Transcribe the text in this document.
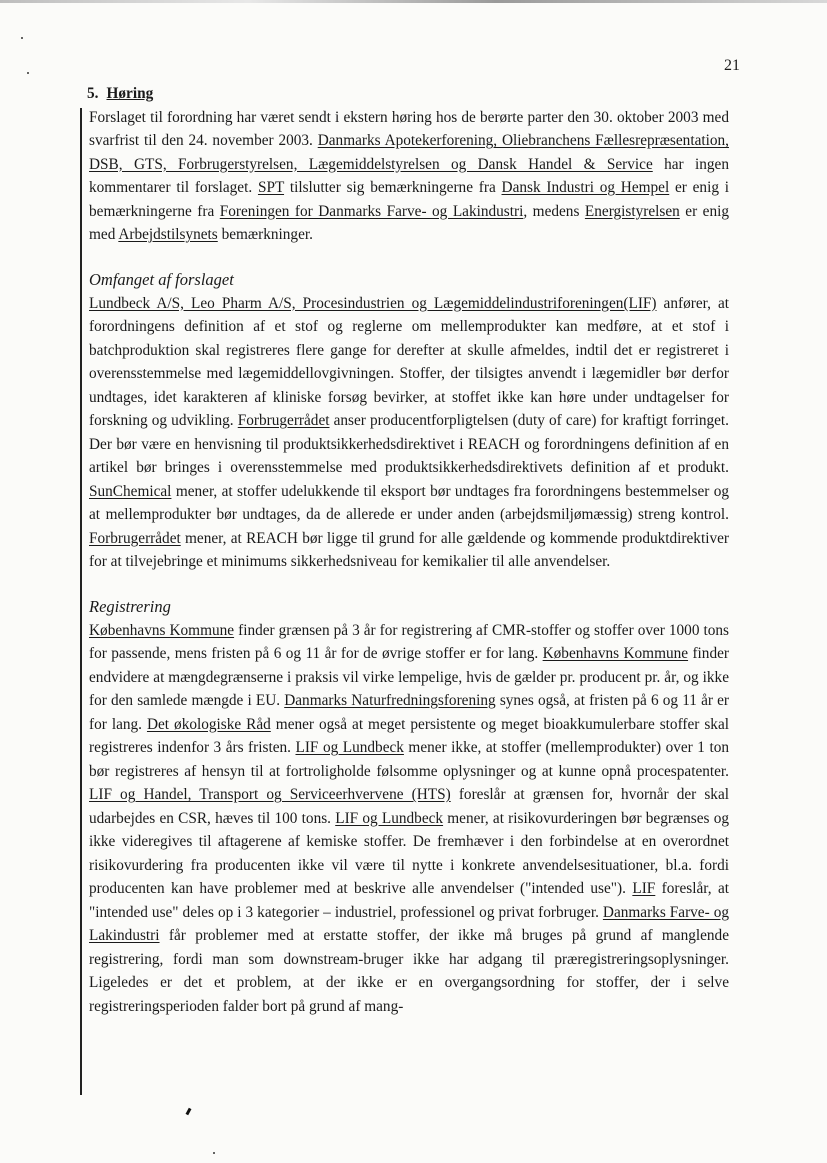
21
5. Høring

Forslaget til forordning har været sendt i ekstern høring hos de berørte parter den 30. oktober 2003 med svarfrist til den 24. november 2003. Danmarks Apotekerforening, Oliebranchens Fællesrepræsentation, DSB, GTS, Forbrugerstyrelsen, Lægemiddelstyrelsen og Dansk Handel & Service har ingen kommentarer til forslaget. SPT tilslutter sig bemærkningerne fra Dansk Industri og Hempel er enig i bemærkningerne fra Foreningen for Danmarks Farve- og Lakindustri, medens Energistyrelsen er enig med Arbejdstilsynets bemærkninger.

Omfanget af forslaget

Lundbeck A/S, Leo Pharm A/S, Procesindustrien og Lægemiddelindustriforeningen(LIF) anfører, at forordningens definition af et stof og reglerne om mellemprodukter kan medføre, at et stof i batchproduktion skal registreres flere gange for derefter at skulle afmeldes, indtil det er registreret i overensstemmelse med lægemiddellovgivningen. Stoffer, der tilsigtes anvendt i lægemidler bør derfor undtages, idet karakteren af kliniske forsøg bevirker, at stoffet ikke kan høre under undtagelser for forskning og udvikling. Forbrugerrådet anser producentforpligtelsen (duty of care) for kraftigt forringet. Der bør være en henvisning til produktsikkerhedsdirektivet i REACH og forordningens definition af en artikel bør bringes i overensstemmelse med produktsikkerhedsdirektivets definition af et produkt. SunChemical mener, at stoffer udelukkende til eksport bør undtages fra forordningens bestemmelser og at mellemprodukter bør undtages, da de allerede er under anden (arbejdsmiljømæssig) streng kontrol. Forbrugerrådet mener, at REACH bør ligge til grund for alle gældende og kommende produktdirektiver for at tilvejebringe et minimums sikkerhedsniveau for kemikalier til alle anvendelser.

Registrering

Københavns Kommune finder grænsen på 3 år for registrering af CMR-stoffer og stoffer over 1000 tons for passende, mens fristen på 6 og 11 år for de øvrige stoffer er for lang. Københavns Kommune finder endvidere at mængdegrænserne i praksis vil virke lempelige, hvis de gælder pr. producent pr. år, og ikke for den samlede mængde i EU. Danmarks Naturfredningsforening synes også, at fristen på 6 og 11 år er for lang. Det økologiske Råd mener også at meget persistente og meget bioakkumulerbare stoffer skal registreres indenfor 3 års fristen. LIF og Lundbeck mener ikke, at stoffer (mellemprodukter) over 1 ton bør registreres af hensyn til at fortroligholde følsomme oplysninger og at kunne opnå procespatenter. LIF og Handel, Transport og Serviceerhvervene (HTS) foreslår at grænsen for, hvornår der skal udarbejdes en CSR, hæves til 100 tons. LIF og Lundbeck mener, at risikovurderingen bør begrænses og ikke videregives til aftagerene af kemiske stoffer. De fremhæver i den forbindelse at en overordnet risikovurdering fra producenten ikke vil være til nytte i konkrete anvendelsesituationer, bl.a. fordi producenten kan have problemer med at beskrive alle anvendelser ("intended use"). LIF foreslår, at "intended use" deles op i 3 kategorier – industriel, professionel og privat forbruger. Danmarks Farve- og Lakindustri får problemer med at erstatte stoffer, der ikke må bruges på grund af manglende registrering, fordi man som downstream-bruger ikke har adgang til præregistreringsoplysninger. Ligeledes er det et problem, at der ikke er en overgangsordning for stoffer, der i selve registreringsperioden falder bort på grund af mang-
